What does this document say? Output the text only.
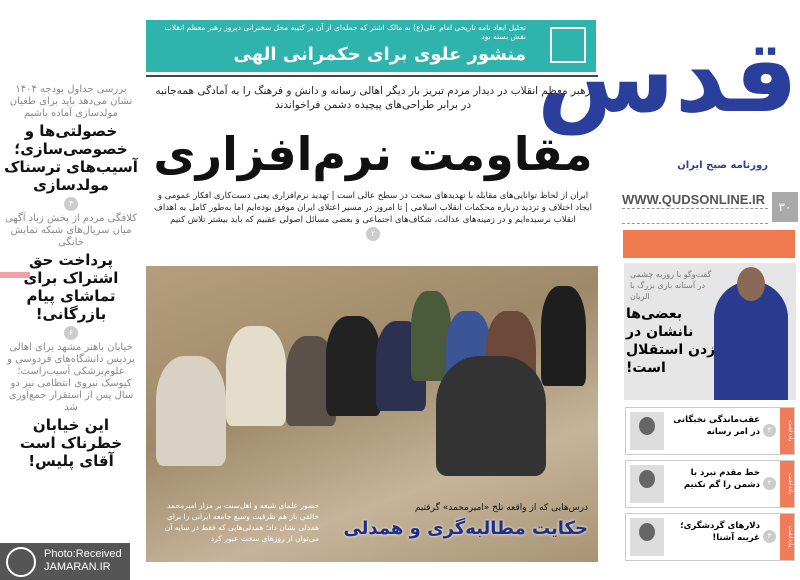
تحلیل ابعاد نامه تاریخی امام علی(ع) به مالک اشتر که جمله‌ای از آن بر کتیبه محل سخنرانی دیروز رهبر معظم انقلاب نقش بسته بود
منشور علوی برای حکمرانی الهی
رهبر معظم انقلاب در دیدار مردم تبریز بار دیگر اهالی رسانه و دانش و فرهنگ را به آمادگی همه‌جانبه در برابر طراحی‌های پیچیده دشمن فراخواندند
مقاومت نرم‌افزاری
ایران از لحاظ توانایی‌های مقابله با تهدیدهای سخت در سطح عالی است | تهدید نرم‌افزاری یعنی دست‌کاری افکار عمومی و ایجاد اختلاف و تردید درباره محکمات انقلاب اسلامی | تا امروز در مسیر اعتلای ایران موفق بوده‌ایم اما به‌طور کامل به اهداف انقلاب نرسیده‌ایم و در زمینه‌های عدالت، شکاف‌های اجتماعی و بعضی مسائل اصولی عقبیم که باید بیشتر تلاش کنیم
۲
درس‌هایی که از واقعه تلخ «امیرمحمد» گرفتیم
حکایت مطالبه‌گری و همدلی
حضور علمای شیعه و اهل‌سنت بر مزار امیرمحمد خالقی باز هم ظرفیت وسیع جامعه ایرانی را برای همدلی نشان داد؛ همدلی‌هایی که فقط در سایه آن می‌توان از روزهای سخت عبور کرد
بررسی جداول بودجه ۱۴۰۴ نشان می‌دهد باید برای طغیان مولدسازی آماده باشیم
خصولتی‌ها و خصوصی‌سازی؛ آسیب‌های ترسناک مولدسازی
۴
کلافگی مردم از پخش زیاد آگهی میان سریال‌های شبکه نمایش خانگی
پرداخت حق اشتراک برای تماشای پیام بازرگانی!
۶
خیابان باهنر مشهد برای اهالی پردیس دانشگاه‌های فردوسی و علوم‌پزشکی آسیب‌زاست؛ کیوسک نیروی انتظامی نیز دو سال پس از استقرار جمع‌آوری شد
این خیابان خطرناک است آقای پلیس!
قدس
روزنامه صبح ایران
WWW.QUDSONLINE.IR	۳۰
گفت‌وگو با روزبه چشمی در آستانه بازی بزرگ با الریان
بعضی‌ها نانشان در زدن استقلال است!
یادداشت
۳
عقب‌ماندگی نخبگانی در امر رسانه
یادداشت
۳
خط مقدم نبرد با دشمن را گم نکنیم
یادداشت
۳
دلارهای گردشگری؛ غریبه آشنا!
Photo:Received
JAMARAN.IR
